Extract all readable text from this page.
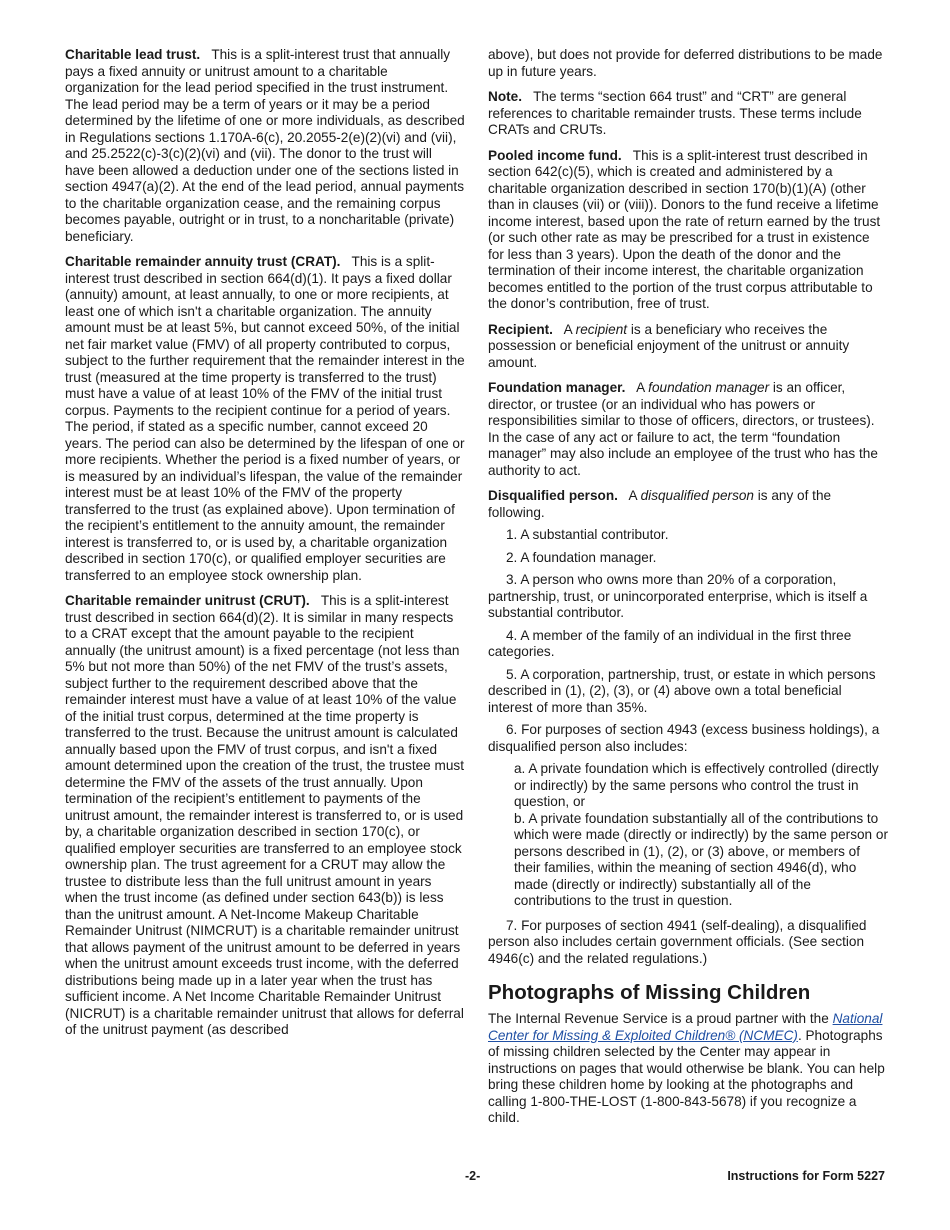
Charitable lead trust. This is a split-interest trust that annually pays a fixed annuity or unitrust amount to a charitable organization for the lead period specified in the trust instrument. The lead period may be a term of years or it may be a period determined by the lifetime of one or more individuals, as described in Regulations sections 1.170A-6(c), 20.2055-2(e)(2)(vi) and (vii), and 25.2522(c)-3(c)(2)(vi) and (vii). The donor to the trust will have been allowed a deduction under one of the sections listed in section 4947(a)(2). At the end of the lead period, annual payments to the charitable organization cease, and the remaining corpus becomes payable, outright or in trust, to a noncharitable (private) beneficiary.

Charitable remainder annuity trust (CRAT). This is a split-interest trust described in section 664(d)(1). It pays a fixed dollar (annuity) amount, at least annually, to one or more recipients, at least one of which isn't a charitable organization. The annuity amount must be at least 5%, but cannot exceed 50%, of the initial net fair market value (FMV) of all property contributed to corpus, subject to the further requirement that the remainder interest in the trust (measured at the time property is transferred to the trust) must have a value of at least 10% of the FMV of the initial trust corpus. Payments to the recipient continue for a period of years. The period, if stated as a specific number, cannot exceed 20 years. The period can also be determined by the lifespan of one or more recipients. Whether the period is a fixed number of years, or is measured by an individual’s lifespan, the value of the remainder interest must be at least 10% of the FMV of the property transferred to the trust (as explained above). Upon termination of the recipient’s entitlement to the annuity amount, the remainder interest is transferred to, or is used by, a charitable organization described in section 170(c), or qualified employer securities are transferred to an employee stock ownership plan.

Charitable remainder unitrust (CRUT). This is a split-interest trust described in section 664(d)(2). It is similar in many respects to a CRAT except that the amount payable to the recipient annually (the unitrust amount) is a fixed percentage (not less than 5% but not more than 50%) of the net FMV of the trust’s assets, subject further to the requirement described above that the remainder interest must have a value of at least 10% of the value of the initial trust corpus, determined at the time property is transferred to the trust. Because the unitrust amount is calculated annually based upon the FMV of trust corpus, and isn't a fixed amount determined upon the creation of the trust, the trustee must determine the FMV of the assets of the trust annually. Upon termination of the recipient’s entitlement to payments of the unitrust amount, the remainder interest is transferred to, or is used by, a charitable organization described in section 170(c), or qualified employer securities are transferred to an employee stock ownership plan. The trust agreement for a CRUT may allow the trustee to distribute less than the full unitrust amount in years when the trust income (as defined under section 643(b)) is less than the unitrust amount. A Net-Income Makeup Charitable Remainder Unitrust (NIMCRUT) is a charitable remainder unitrust that allows payment of the unitrust amount to be deferred in years when the unitrust amount exceeds trust income, with the deferred distributions being made up in a later year when the trust has sufficient income. A Net Income Charitable Remainder Unitrust (NICRUT) is a charitable remainder unitrust that allows for deferral of the unitrust payment (as described

above), but does not provide for deferred distributions to be made up in future years.

Note. The terms “section 664 trust” and “CRT” are general references to charitable remainder trusts. These terms include CRATs and CRUTs.

Pooled income fund. This is a split-interest trust described in section 642(c)(5), which is created and administered by a charitable organization described in section 170(b)(1)(A) (other than in clauses (vii) or (viii)). Donors to the fund receive a lifetime income interest, based upon the rate of return earned by the trust (or such other rate as may be prescribed for a trust in existence for less than 3 years). Upon the death of the donor and the termination of their income interest, the charitable organization becomes entitled to the portion of the trust corpus attributable to the donor’s contribution, free of trust.

Recipient. A recipient is a beneficiary who receives the possession or beneficial enjoyment of the unitrust or annuity amount.

Foundation manager. A foundation manager is an officer, director, or trustee (or an individual who has powers or responsibilities similar to those of officers, directors, or trustees). In the case of any act or failure to act, the term “foundation manager” may also include an employee of the trust who has the authority to act.

Disqualified person. A disqualified person is any of the following.

1. A substantial contributor.

2. A foundation manager.

3. A person who owns more than 20% of a corporation, partnership, trust, or unincorporated enterprise, which is itself a substantial contributor.

4. A member of the family of an individual in the first three categories.

5. A corporation, partnership, trust, or estate in which persons described in (1), (2), (3), or (4) above own a total beneficial interest of more than 35%.

6. For purposes of section 4943 (excess business holdings), a disqualified person also includes:

a. A private foundation which is effectively controlled (directly or indirectly) by the same persons who control the trust in question, or

b. A private foundation substantially all of the contributions to which were made (directly or indirectly) by the same person or persons described in (1), (2), or (3) above, or members of their families, within the meaning of section 4946(d), who made (directly or indirectly) substantially all of the contributions to the trust in question.

7. For purposes of section 4941 (self-dealing), a disqualified person also includes certain government officials. (See section 4946(c) and the related regulations.)

Photographs of Missing Children

The Internal Revenue Service is a proud partner with the National Center for Missing & Exploited Children® (NCMEC). Photographs of missing children selected by the Center may appear in instructions on pages that would otherwise be blank. You can help bring these children home by looking at the photographs and calling 1-800-THE-LOST (1-800-843-5678) if you recognize a child.

-2-	Instructions for Form 5227
